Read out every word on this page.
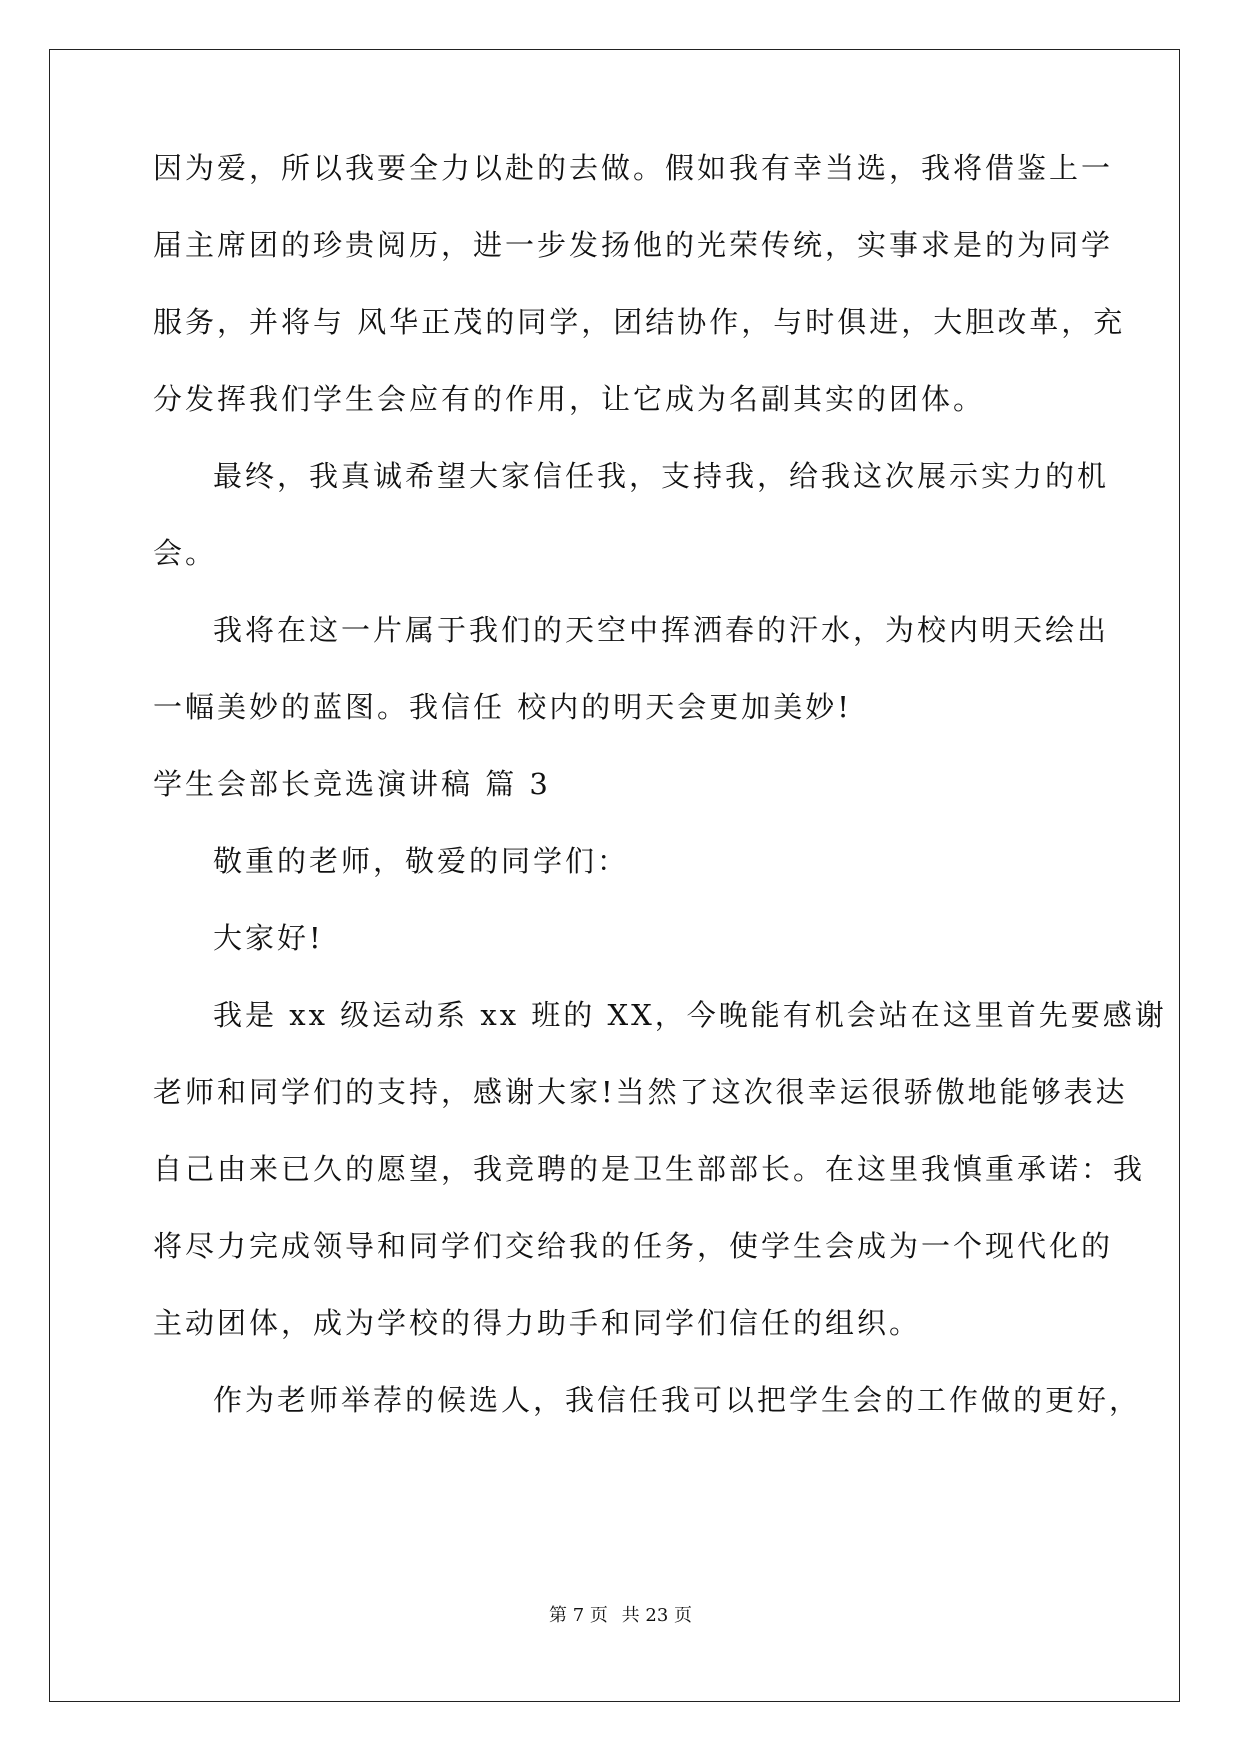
因为爱，所以我要全力以赴的去做。假如我有幸当选，我将借鉴上一
届主席团的珍贵阅历，进一步发扬他的光荣传统，实事求是的为同学
服务，并将与 风华正茂的同学，团结协作，与时俱进，大胆改革，充
分发挥我们学生会应有的作用，让它成为名副其实的团体。
最终，我真诚希望大家信任我，支持我，给我这次展示实力的机
会。
我将在这一片属于我们的天空中挥洒春的汗水，为校内明天绘出
一幅美妙的蓝图。我信任 校内的明天会更加美妙!
学生会部长竞选演讲稿 篇 3
敬重的老师，敬爱的同学们：
大家好!
我是 xx 级运动系 xx 班的 XX，今晚能有机会站在这里首先要感谢
老师和同学们的支持，感谢大家!当然了这次很幸运很骄傲地能够表达
自己由来已久的愿望，我竞聘的是卫生部部长。在这里我慎重承诺：我
将尽力完成领导和同学们交给我的任务，使学生会成为一个现代化的
主动团体，成为学校的得力助手和同学们信任的组织。
作为老师举荐的候选人，我信任我可以把学生会的工作做的更好，
第 7 页 共 23 页
